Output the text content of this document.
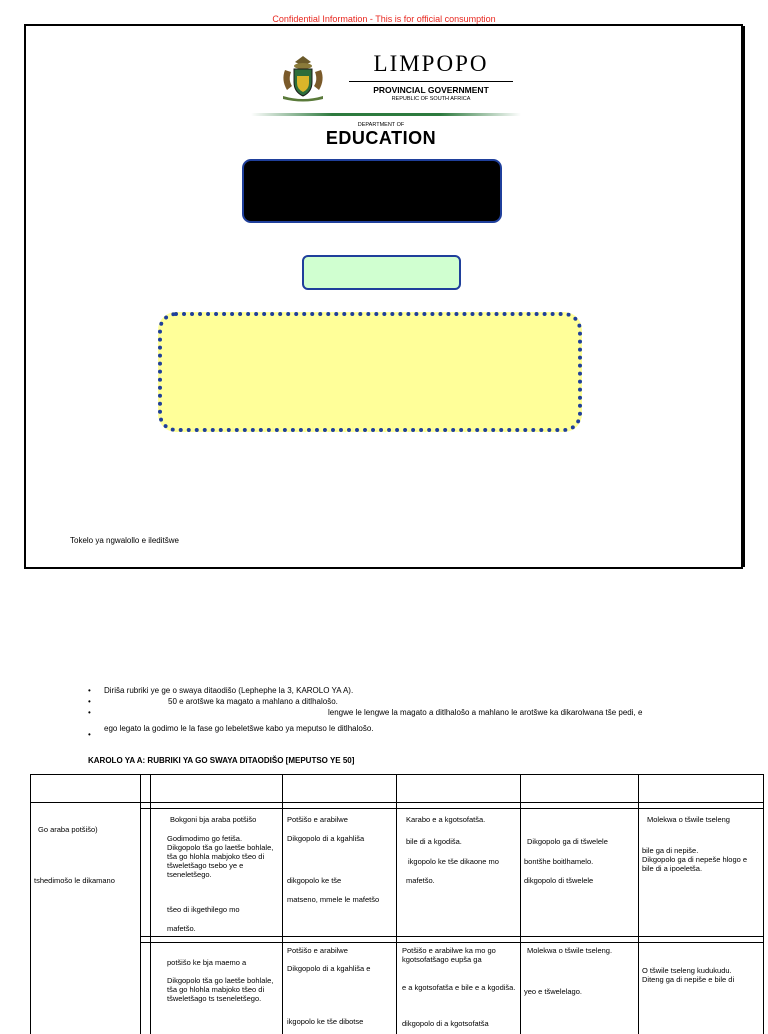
Confidential Information - This is for official consumption
LIMPOPO
PROVINCIAL GOVERNMENT
REPUBLIC OF SOUTH AFRICA
DEPARTMENT OF
EDUCATION
Tokelo ya ngwalollo e ileditšwe
• Diriša rubriki ye ge o swaya ditaodišo (Lephephe la 3, KAROLO YA A).
• 50 e arotšwe ka magato a mahlano a ditlhalošo.
• lengwe le lengwe la magato a ditlhalošo a mahlano le arotšwe ka dikarolwana tše pedi, e
ego legato la godimo le la fase go lebeletšwe kabo ya meputso le ditlhalošo.
KAROLO YA A: RUBRIKI YA GO SWAYA DITAODIŠO [MEPUTSO YE 50]
Go araba potšišo)
tshedimošo le dikamano
Bokgoni bja araba potšišo
Godimodimo go fetiša.
Dikgopolo tša go laetše bohlale, tša go hlohla mabjoko tšeo di tšweletšago tsebo ye e tseneletšego.
tšeo di ikgethilego mo
mafetšo.
Potšišo e arabilwe
Dikgopolo di a kgahliša
dikgopolo ke tše
matseno, mmele le mafetšo
Karabo e a kgotsofatša.
bile di a kgodiša.
ikgopolo ke tše dikaone mo
mafetšo.
Dikgopolo ga di tšwelele
bontšhe boitlhamelo.
dikgopolo di tšwelele
Molekwa o tšwile tseleng
bile ga di nepiše.
Dikgopolo ga di nepeše hlogo e bile di a ipoeletša.
potšišo ke bja maemo a
Dikgopolo tša go laetše bohlale, tša go hlohla mabjoko tšeo di tšweletšago ts tseneletšego.
Potšišo e arabilwe
Dikgopolo di a kgahliša e
ikgopolo ke tše dibotse
Potšišo e arabilwe ka mo go kgotsofatšago eupša ga
e a kgotsofatša e bile e a kgodiša.
dikgopolo di a kgotsofatša
Molekwa o tšwile tseleng.
yeo e tšwelelago.
O tšwile tseleng kudukudu.
Diteng ga di nepiše e bile di
